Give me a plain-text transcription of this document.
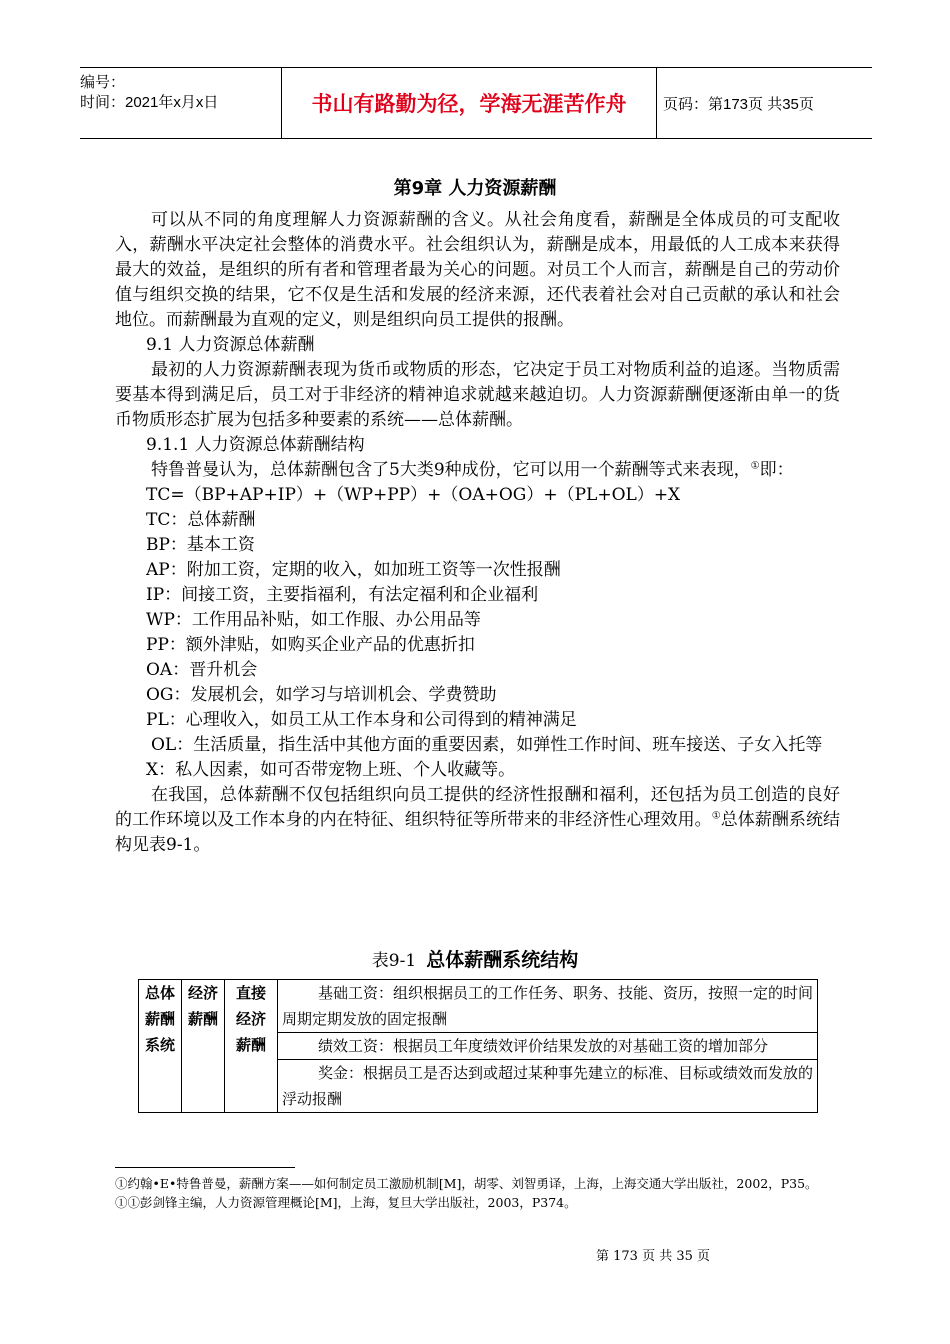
编号：
时间：2021年x月x日	书山有路勤为径，学海无涯苦作舟	页码：第173页 共35页
第9章 人力资源薪酬

可以从不同的角度理解人力资源薪酬的含义。从社会角度看，薪酬是全体成员的可支配收入，薪酬水平决定社会整体的消费水平。社会组织认为，薪酬是成本，用最低的人工成本来获得最大的效益，是组织的所有者和管理者最为关心的问题。对员工个人而言，薪酬是自己的劳动价值与组织交换的结果，它不仅是生活和发展的经济来源，还代表着社会对自己贡献的承认和社会地位。而薪酬最为直观的定义，则是组织向员工提供的报酬。

9.1 人力资源总体薪酬

最初的人力资源薪酬表现为货币或物质的形态，它决定于员工对物质利益的追逐。当物质需要基本得到满足后，员工对于非经济的精神追求就越来越迫切。人力资源薪酬便逐渐由单一的货币物质形态扩展为包括多种要素的系统——总体薪酬。

9.1.1 人力资源总体薪酬结构

特鲁普曼认为，总体薪酬包含了5大类9种成份，它可以用一个薪酬等式来表现，①即：

TC=（BP+AP+IP）+（WP+PP）+（OA+OG）+（PL+OL）+X

TC：总体薪酬

BP：基本工资

AP：附加工资，定期的收入，如加班工资等一次性报酬

IP：间接工资，主要指福利，有法定福利和企业福利

WP：工作用品补贴，如工作服、办公用品等

PP：额外津贴，如购买企业产品的优惠折扣

OA：晋升机会

OG：发展机会，如学习与培训机会、学费赞助

PL：心理收入，如员工从工作本身和公司得到的精神满足

OL：生活质量，指生活中其他方面的重要因素，如弹性工作时间、班车接送、子女入托等

X：私人因素，如可否带宠物上班、个人收藏等。

在我国，总体薪酬不仅包括组织向员工提供的经济性报酬和福利，还包括为员工创造的良好的工作环境以及工作本身的内在特征、组织特征等所带来的非经济性心理效用。①总体薪酬系统结构见表9-1。

表9-1 总体薪酬系统结构
总体薪酬系统	经济薪酬	直接经济薪酬	基础工资：组织根据员工的工作任务、职务、技能、资历，按照一定的时间周期定期发放的固定报酬
绩效工资：根据员工年度绩效评价结果发放的对基础工资的增加部分
奖金：根据员工是否达到或超过某种事先建立的标准、目标或绩效而发放的浮动报酬

①约翰•E•特鲁普曼，薪酬方案——如何制定员工激励机制[M]，胡零、刘智勇译，上海，上海交通大学出版社，2002，P35。

①①彭剑锋主编，人力资源管理概论[M]，上海，复旦大学出版社，2003，P374。

第 173 页 共 35 页
